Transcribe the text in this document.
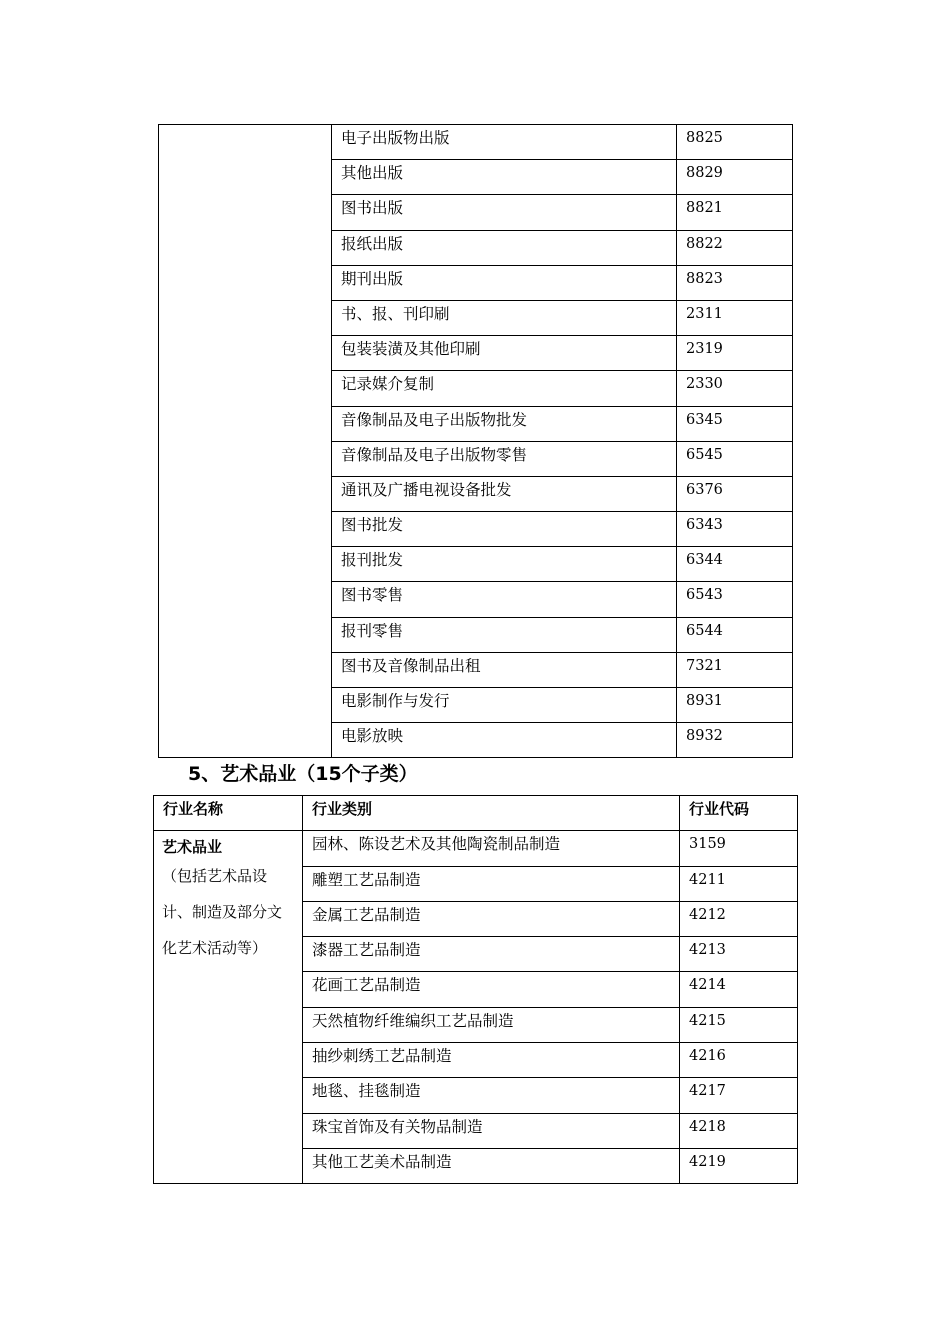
	电子出版物出版	8825
	其他出版	8829
	图书出版	8821
	报纸出版	8822
	期刊出版	8823
	书、报、刊印刷	2311
	包装装潢及其他印刷	2319
	记录媒介复制	2330
	音像制品及电子出版物批发	6345
	音像制品及电子出版物零售	6545
	通讯及广播电视设备批发	6376
	图书批发	6343
	报刊批发	6344
	图书零售	6543
	报刊零售	6544
	图书及音像制品出租	7321
	电影制作与发行	8931
	电影放映	8932
5、艺术品业（15个子类）
行业名称	行业类别	行业代码

艺术品业
（包括艺术品设计、制造及部分文化艺术活动等）	园林、陈设艺术及其他陶瓷制品制造	3159
	雕塑工艺品制造	4211
	金属工艺品制造	4212
	漆器工艺品制造	4213
	花画工艺品制造	4214
	天然植物纤维编织工艺品制造	4215
	抽纱刺绣工艺品制造	4216
	地毯、挂毯制造	4217
	珠宝首饰及有关物品制造	4218
	其他工艺美术品制造	4219
